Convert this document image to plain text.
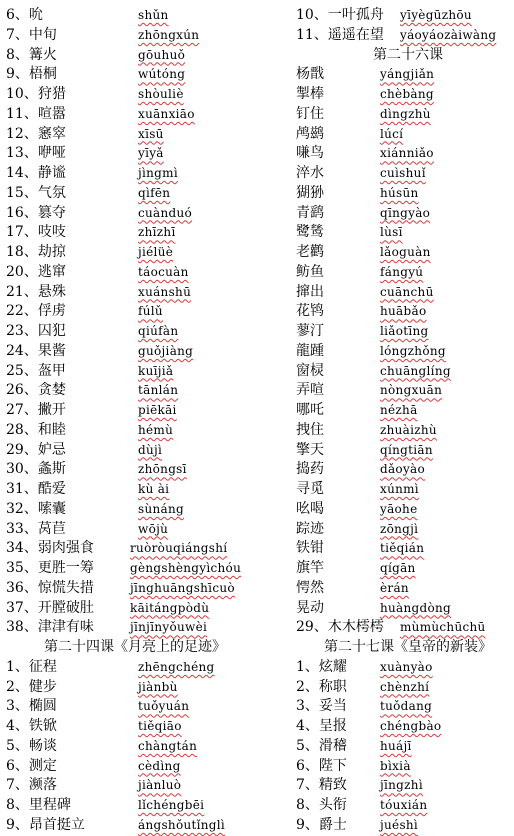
6、吮	shǔn
7、中旬	zhōngxún
8、篝火	gōuhuǒ
9、梧桐	wútóng
10、狩猎	shòuliè
11、喧嚣	xuānxiāo
12、窸窣	xīsū
13、咿哑	yīyǎ
14、静谧	jìngmì
15、气氛	qìfēn
16、篡夺	cuànduó
17、吱吱	zhīzhī
18、劫掠	jiélüè
20、逃窜	táocuàn
21、悬殊	xuánshū
22、俘虏	fúlǔ
23、囚犯	qiúfàn
24、果酱	guǒjiàng
25、盔甲	kuījiǎ
26、贪婪	tānlán
27、撇开	piēkāi
28、和睦	hémù
29、妒忌	dùjì
30、螽斯	zhōngsī
31、酷爱	kù ài
32、嗦囊	sùnáng
33、莴苣	wōjù
34、弱肉强食	ruòròuqiángshí
35、更胜一筹	gèngshèngyìchóu
36、惊慌失措	jīnghuāngshīcuò
37、开膛破肚	kāitángpòdù
38、津津有味	jīnjīnyǒuwèi
第二十四课《月亮上的足迹》
1、征程	zhēngchéng
2、健步	jiànbù
3、椭圆	tuǒyuán
4、铁锨	tiěqiāo
5、畅谈	chàngtán
6、测定	cèdìng
7、濒落	jiànluò
8、里程碑	lǐchéngbēi
9、昂首挺立	ángshǒutǐnglì
10、一叶孤舟 yīyègūzhōu
11、遥遥在望 yáoyáozàiwàng
第二十六课
杨戬	yángjiǎn
掣棒	chèbàng
钉住	dìngzhù
鸬鹚	lúcí
嗛鸟	xiánniǎo
淬水	cuìshuǐ
猢狲	húsūn
青鹞	qīngyào
鹭鸶	lùsī
老鹳	lǎoguàn
鲂鱼	fángyú
撺出	cuānchū
花鸨	huābǎo
蓼汀	liǎotīng
龍踵	lóngzhǒng
窗棂	chuānglíng
弄喧	nòngxuān
哪吒	nézhā
拽住	zhuàizhù
擎天	qíngtiān
捣药	dǎoyào
寻觅	xúnmì
吆喝	yāohe
踪迹	zōngjì
铁钳	tiěqián
旗竿	qígān
愕然	èrán
晃动	huàngdòng
29、木木樗樗 mùmùchūchū
第二十七课《皇帝的新装》
1、炫耀	xuànyào
2、称职	chènzhí
3、妥当	tuǒdang
4、呈报	chéngbào
5、滑稽	huájī
6、陛下	bìxià
7、精致	jīngzhì
8、头衔	tóuxián
9、爵士	juéshì
